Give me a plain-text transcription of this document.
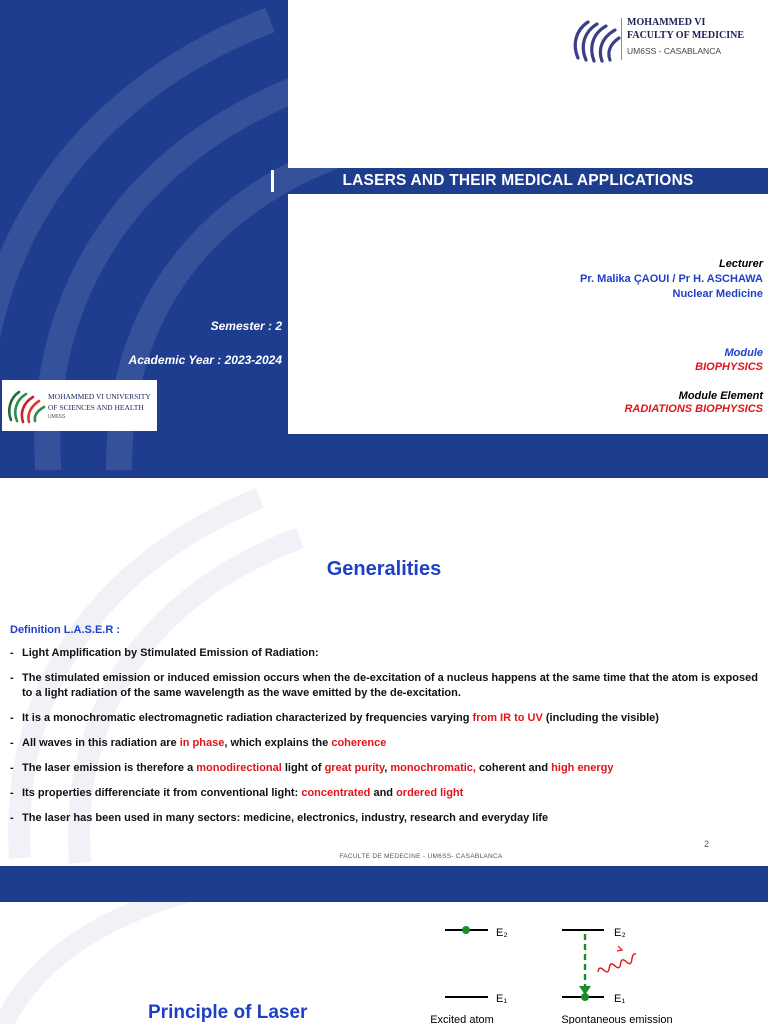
MOHAMMED VI
FACULTY OF MEDICINE
UM6SS - CASABLANCA
LASERS AND THEIR MEDICAL APPLICATIONS
Lecturer
Pr. Malika ÇAOUI / Pr H. ASCHAWA
Nuclear Medicine
Semester : 2
Academic Year : 2023-2024	Module
BIOPHYSICS
Module Element
RADIATIONS BIOPHYSICS
MOHAMMED VI UNIVERSITY
OF SCIENCES AND HEALTH
UM6SS
Generalities
Definition L.A.S.E.R :
- Light Amplification by Stimulated Emission of Radiation:
- The stimulated emission or induced emission occurs when the de-excitation of a nucleus happens at the same time that the atom is exposed to a light radiation of the same wavelength as the wave emitted by the de-excitation.
- It is a monochromatic electromagnetic radiation characterized by frequencies varying from IR to UV (including the visible)
- All waves in this radiation are in phase, which explains the coherence
- The laser emission is therefore a monodirectional light of great purity, monochromatic, coherent and high energy
- Its properties differenciate it from conventional light: concentrated and ordered light
- The laser has been used in many sectors: medicine, electronics, industry, research and everyday life
2
FACULTE DE MEDECINE - UM6SS- CASABLANCA
E₂
E₁
E₂
E₁
Excited atom	Spontaneous emission
Principle of Laser
